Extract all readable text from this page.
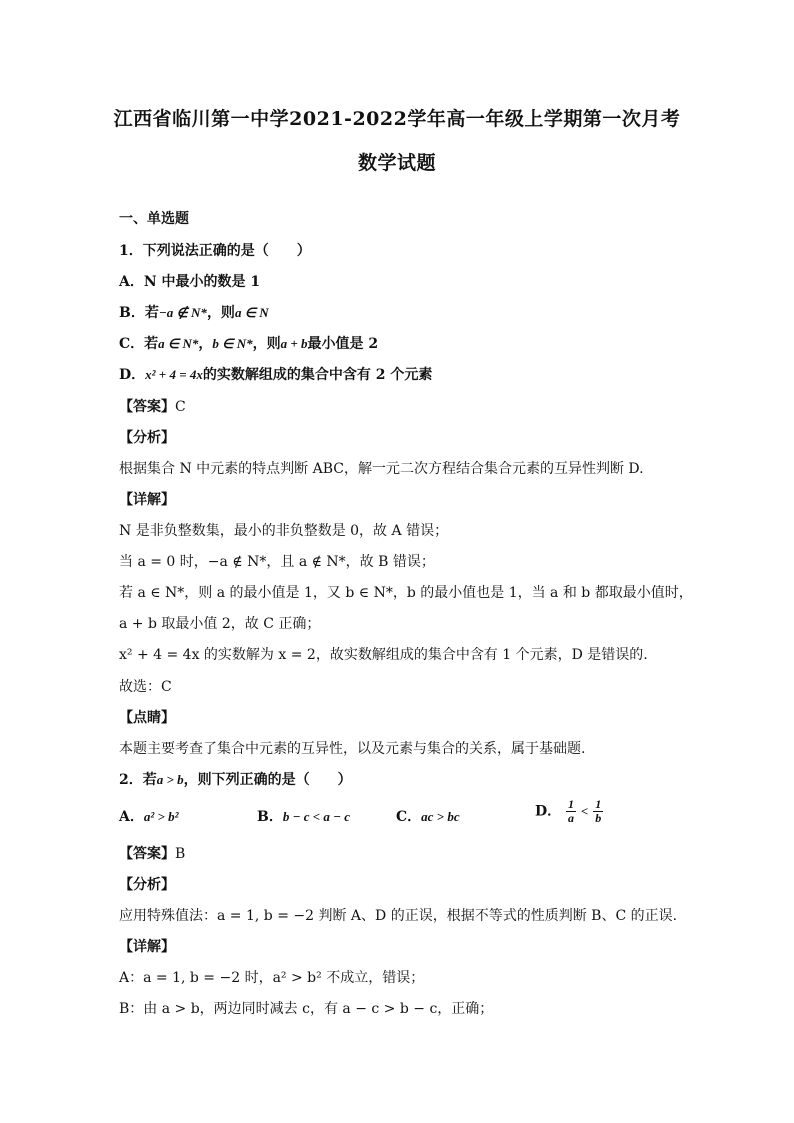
江西省临川第一中学2021-2022学年高一年级上学期第一次月考
数学试题
一、单选题
1．下列说法正确的是（　　）
A．N 中最小的数是 1
B．若−a ∉ N*，则a ∈ N
C．若a ∈ N*，b ∈ N*，则a + b最小值是 2
D．x² + 4 = 4x的实数解组成的集合中含有 2 个元素
【答案】C
【分析】
根据集合 N 中元素的特点判断 ABC，解一元二次方程结合集合元素的互异性判断 D.
【详解】
N 是非负整数集，最小的非负整数是 0，故 A 错误；
当 a = 0 时，−a ∉ N*，且 a ∉ N*，故 B 错误；
若 a ∈ N*，则 a 的最小值是 1，又 b ∈ N*，b 的最小值也是 1，当 a 和 b 都取最小值时，
a + b 取最小值 2，故 C 正确；
x² + 4 = 4x 的实数解为 x = 2，故实数解组成的集合中含有 1 个元素，D 是错误的.
故选：C
【点睛】
本题主要考查了集合中元素的互异性，以及元素与集合的关系，属于基础题.
2．若a > b，则下列正确的是（　　）
A．a² > b²	B．b − c < a − c	C．ac > bc	D． $\frac{1}{a} < \frac{1}{b}$
【答案】B
【分析】
应用特殊值法：a = 1, b = −2 判断 A、D 的正误，根据不等式的性质判断 B、C 的正误.
【详解】
A：a = 1, b = −2 时，a² > b² 不成立，错误；
B：由 a > b，两边同时减去 c，有 a − c > b − c，正确；
